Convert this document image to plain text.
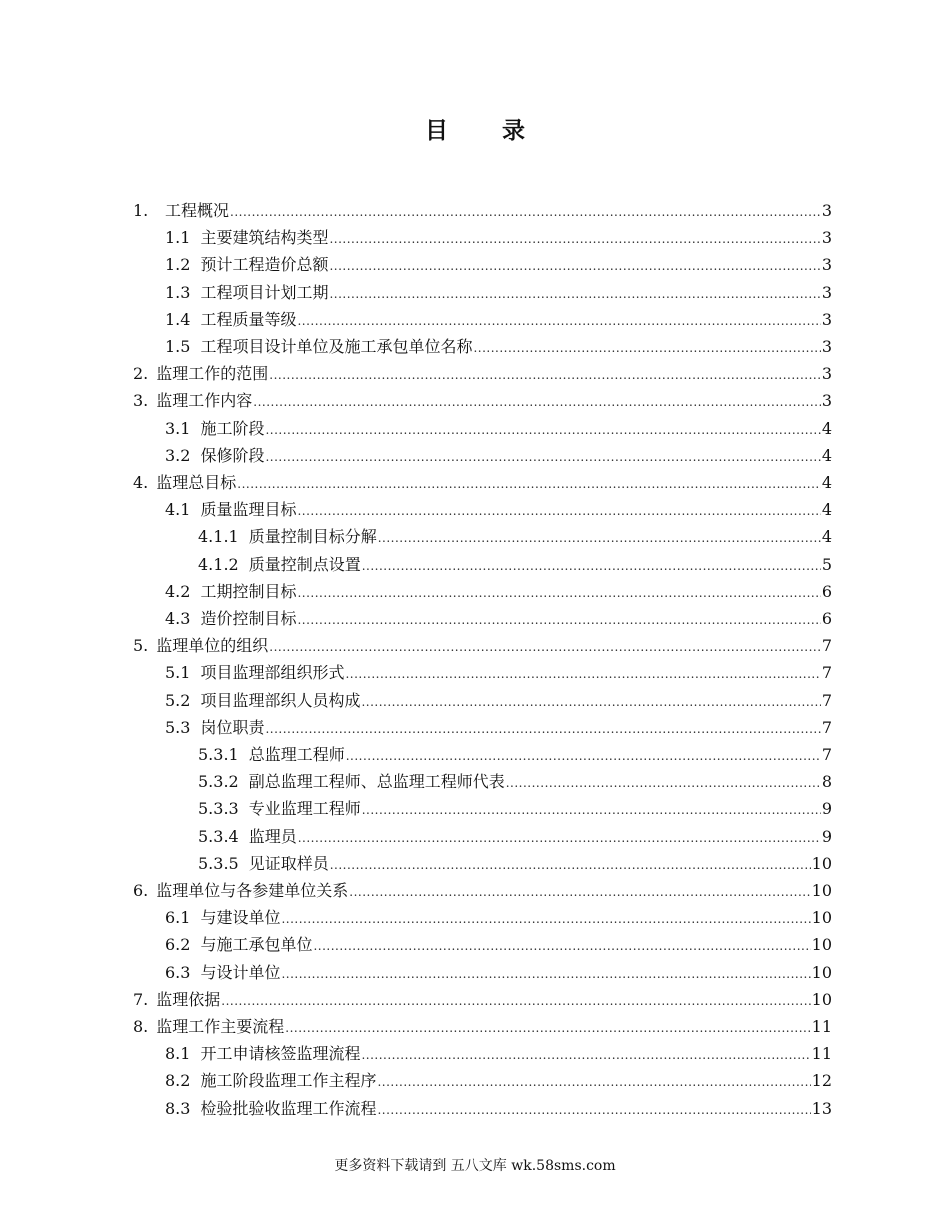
目 录
1.	工程概况 .....	3
1.1 主要建筑结构类型 .....	3
1.2 预计工程造价总额 .....	3
1.3 工程项目计划工期 .....	3
1.4 工程质量等级 .....	3
1.5 工程项目设计单位及施工承包单位名称 .....	3
2. 监理工作的范围 .....	3
3. 监理工作内容 .....	3
3.1 施工阶段 .....	4
3.2 保修阶段 .....	4
4. 监理总目标 .....	4
4.1 质量监理目标 .....	4
4.1.1 质量控制目标分解 .....	4
4.1.2 质量控制点设置 .....	5
4.2 工期控制目标 .....	6
4.3 造价控制目标 .....	6
5. 监理单位的组织 .....	7
5.1 项目监理部组织形式 .....	7
5.2 项目监理部织人员构成 .....	7
5.3 岗位职责 .....	7
5.3.1 总监理工程师 .....	7
5.3.2 副总监理工程师、总监理工程师代表 .....	8
5.3.3 专业监理工程师 .....	9
5.3.4 监理员 .....	9
5.3.5 见证取样员 .....	10
6. 监理单位与各参建单位关系 .....	10
6.1 与建设单位 .....	10
6.2 与施工承包单位 .....	10
6.3 与设计单位 .....	10
7. 监理依据 .....	10
8. 监理工作主要流程 .....	11
8.1 开工申请核签监理流程 .....	11
8.2 施工阶段监理工作主程序 .....	12
8.3 检验批验收监理工作流程 .....	13
更多资料下载请到 五八文库 wk.58sms.com
